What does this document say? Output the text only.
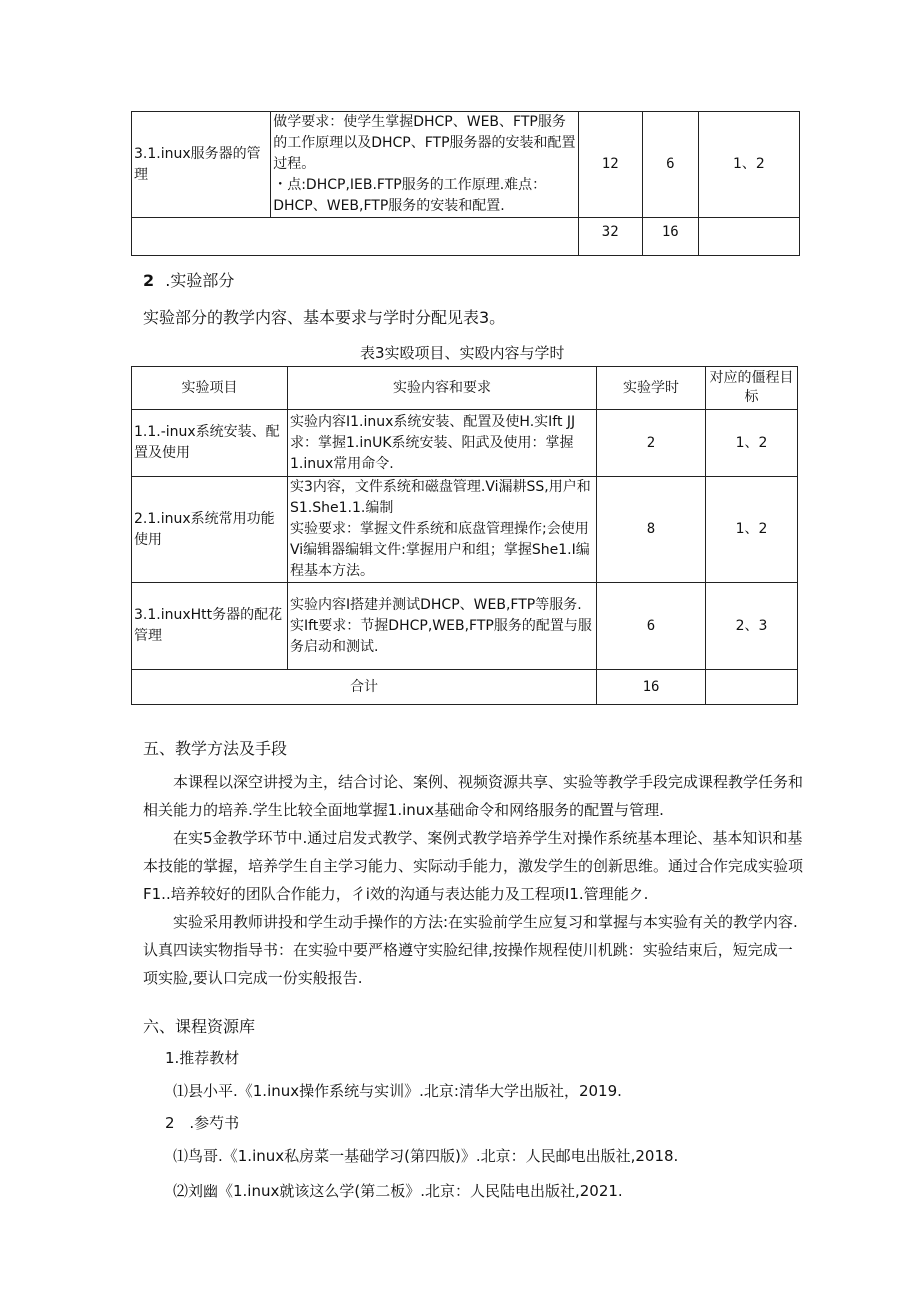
3.1.inux服务器的管理	做学要求：使学生掌握DHCP、WEB、FTP服务的工作原理以及DHCP、FTP服务器的安装和配置过程。
・点:DHCP,IEB.FTP服务的工作原理.难点：DHCP、WEB,FTP服务的安装和配置.	12	6	1、2
		32	16	
2 .实验部分
实验部分的教学内容、基本要求与学时分配见表3。
表3实殴项目、实殴内容与学时
实验项目	实验内容和要求	实验学时	对应的僵程目标

1.1.-inux系统安装、配置及使用	实验内容I1.inux系统安装、配置及使H.实Ift JJ求：掌握1.inUK系统安装、阳武及使用：掌握1.inux常用命令.	2	1、2

2.1.inux系统常用功能使用	实3内容，文件系统和磁盘管理.Vi漏耕SS,用户和S1.She1.1.编制
实验要求：掌握文件系统和底盘管理操作;会使用Vi编辑器编辑文件:掌握用户和组；掌握She1.I编程基本方法。	8	1、2

3.1.inuxHtt务器的配花管理	实验内容I搭建并测试DHCP、WEB,FTP等服务.实Ift要求：节握DHCP,WEB,FTP服务的配置与服务启动和测试.	6	2、3
合计		16	
五、教学方法及手段

本课程以深空讲授为主，结合讨论、案例、视频资源共享、实验等教学手段完成课程教学任务和相关能力的培养.学生比较全面地掌握1.inux基础命令和网络服务的配置与管理.

在实5金教学环节中.通过启发式教学、案例式教学培养学生对操作系统基本理论、基本知识和基本技能的掌握，培养学生自主学习能力、实际动手能力，激发学生的创新思维。通过合作完成实验项F1..培养较好的团队合作能力，彳i效的沟通与表达能力及工程项I1.管理能ク.

实验采用教师讲投和学生动手操作的方法:在实验前学生应复习和掌握与本实验有关的教学内容.认真四读实物指导书：在实验中要严格遵守实脸纪律,按操作规程使川机跳：实验结束后，短完成一项实脸,要认口完成一份实般报告.

六、课程资源库
1.推荐教材
⑴县小平.《1.inux操作系统与实训》.北京:清华大学出版社，2019.
2 .参芍书
⑴鸟哥.《1.inux私房菜一基础学习(第四版)》.北京：人民邮电出版社,2018.
⑵刘幽《1.inux就该这么学(第二板》.北京：人民陆电出版社,2021.
